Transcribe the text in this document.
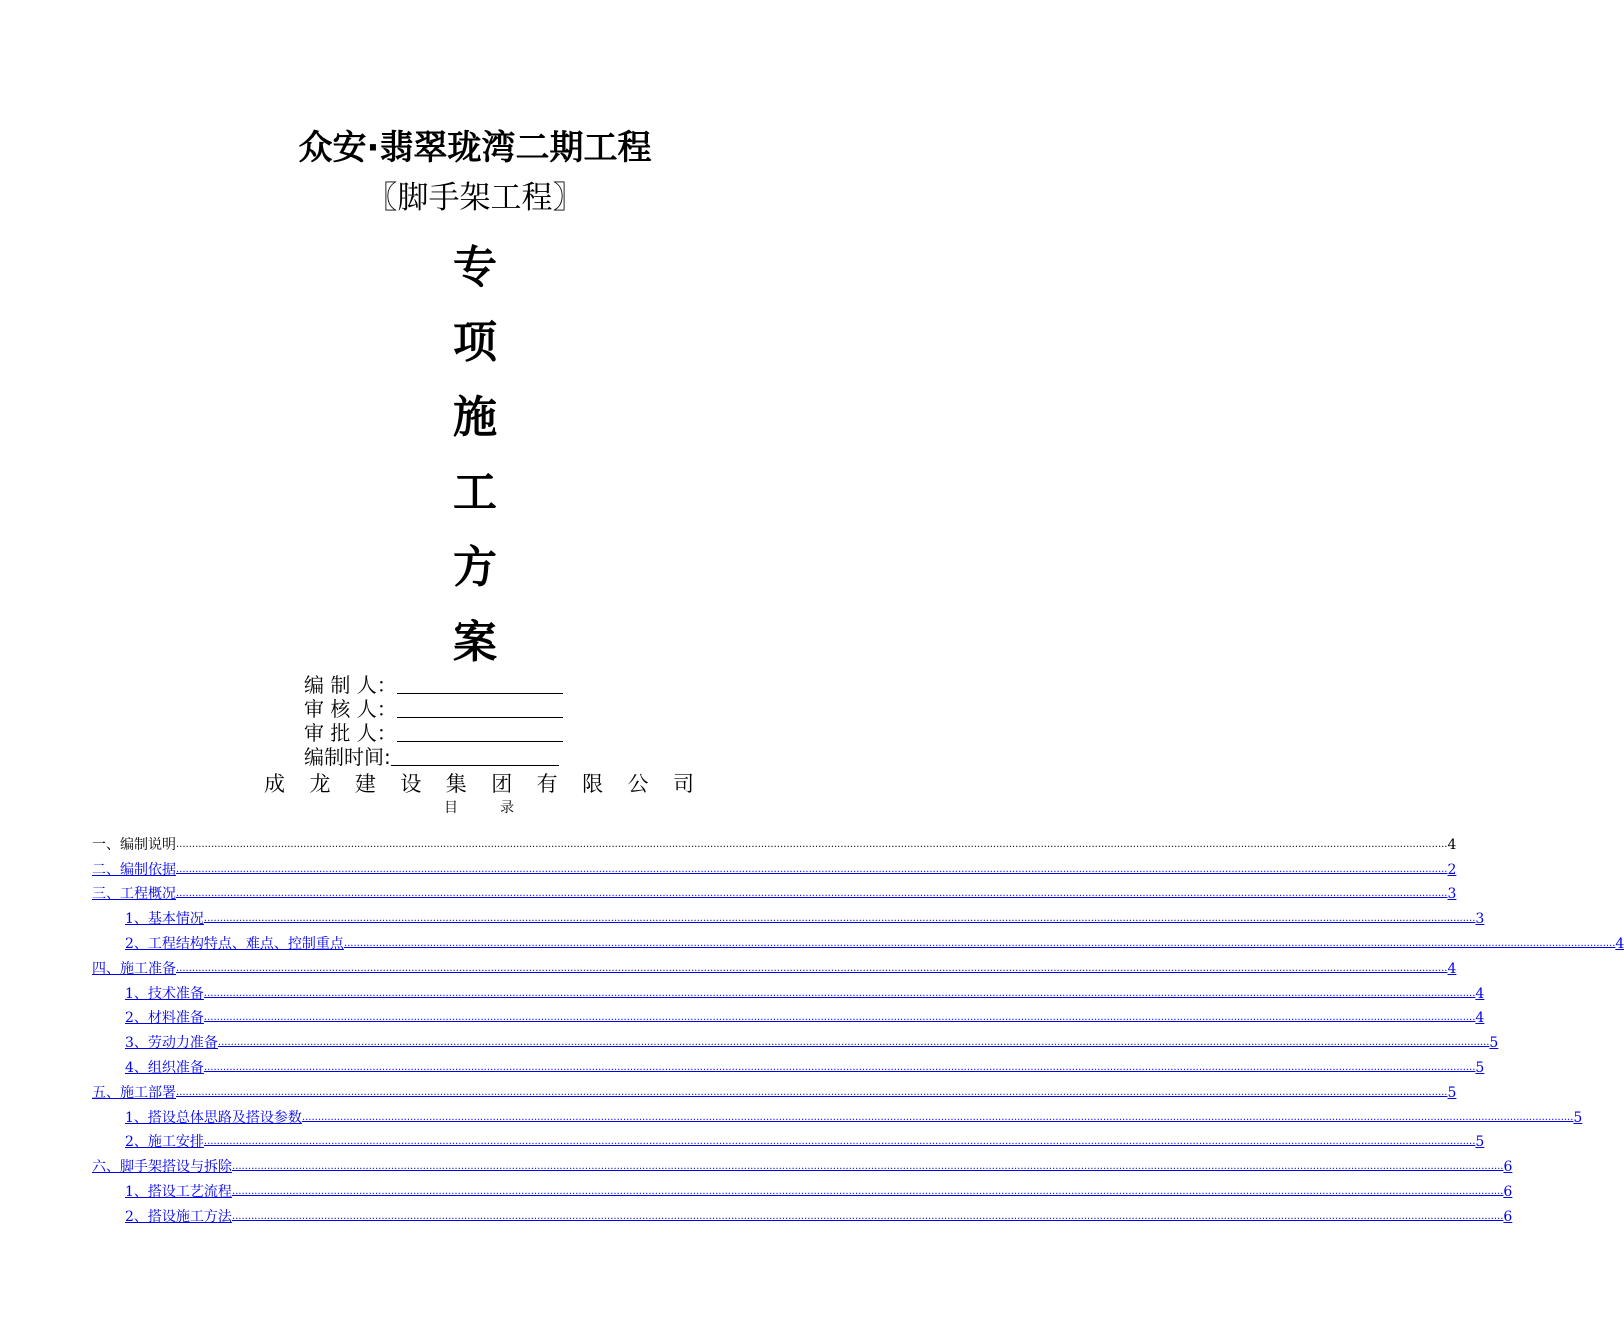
众安·翡翠珑湾二期工程
〖脚手架工程〗
专
项
施
工
方
案
编 制 人：
审 核 人：
审 批 人：
编制时间:
成 龙 建 设 集 团 有 限 公 司
目	录
一、编制说明 ................................................................................................................................................................................................................................................................................................................................................................................................................ 4
二、编制依据 ................................................................................................................................................................................................................................................................................................................................................................................................................ 2
三、工程概况 ................................................................................................................................................................................................................................................................................................................................................................................................................ 3
1、基本情况 ................................................................................................................................................................................................................................................................................................................................................................................................................ 3
2、工程结构特点、难点、控制重点 ................................................................................................................................................................................................................................................................................................................................................................................................................ 4
四、施工准备 ................................................................................................................................................................................................................................................................................................................................................................................................................ 4
1、技术准备 ................................................................................................................................................................................................................................................................................................................................................................................................................ 4
2、材料准备 ................................................................................................................................................................................................................................................................................................................................................................................................................ 4
3、劳动力准备 ................................................................................................................................................................................................................................................................................................................................................................................................................ 5
4、组织准备 ................................................................................................................................................................................................................................................................................................................................................................................................................ 5
五、施工部署 ................................................................................................................................................................................................................................................................................................................................................................................................................ 5
1、搭设总体思路及搭设参数 ................................................................................................................................................................................................................................................................................................................................................................................................................ 5
2、施工安排 ................................................................................................................................................................................................................................................................................................................................................................................................................ 5
六、脚手架搭设与拆除 ................................................................................................................................................................................................................................................................................................................................................................................................................ 6
1、搭设工艺流程 ................................................................................................................................................................................................................................................................................................................................................................................................................ 6
2、搭设施工方法 ................................................................................................................................................................................................................................................................................................................................................................................................................ 6
